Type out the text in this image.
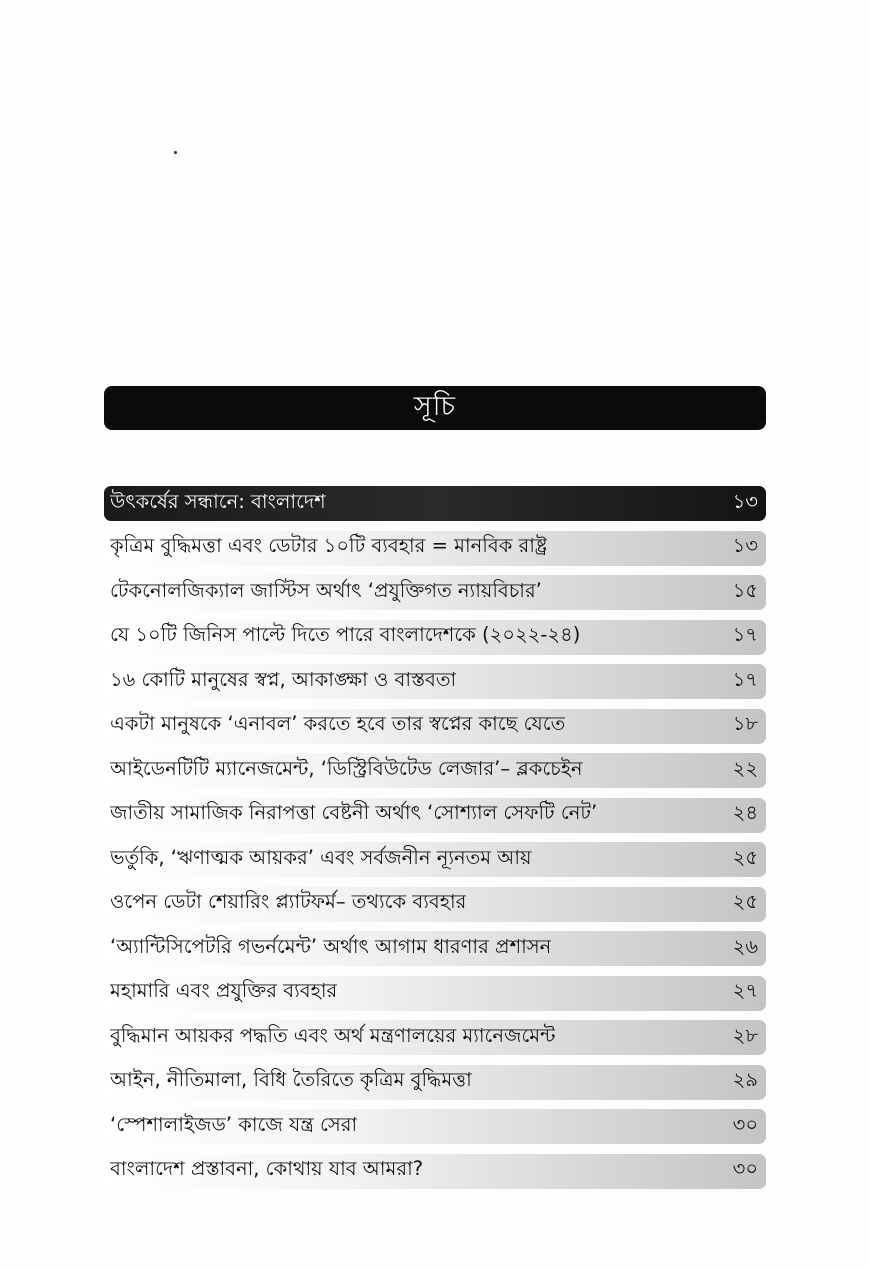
সূচি
উৎকর্ষের সন্ধানে: বাংলাদেশ	১৩
কৃত্রিম বুদ্ধিমত্তা এবং ডেটার ১০টি ব্যবহার = মানবিক রাষ্ট্র	১৩
টেকনোলজিক্যাল জাস্টিস অর্থাৎ ‘প্রযুক্তিগত ন্যায়বিচার’	১৫
যে ১০টি জিনিস পাল্টে দিতে পারে বাংলাদেশকে (২০২২-২৪)	১৭
১৬ কোটি মানুষের স্বপ্ন, আকাঙ্ক্ষা ও বাস্তবতা	১৭
একটা মানুষকে ‘এনাবল’ করতে হবে তার স্বপ্নের কাছে যেতে	১৮
আইডেনটিটি ম্যানেজমেন্ট, ‘ডিস্ট্রিবিউটেড লেজার’– ব্লকচেইন	২২
জাতীয় সামাজিক নিরাপত্তা বেষ্টনী অর্থাৎ ‘সোশ্যাল সেফটি নেট’	২৪
ভর্তুকি, ‘ঋণাত্মক আয়কর’ এবং সর্বজনীন ন্যূনতম আয়	২৫
ওপেন ডেটা শেয়ারিং প্ল্যাটফর্ম– তথ্যকে ব্যবহার	২৫
‘অ্যান্টিসিপেটরি গভর্নমেন্ট’ অর্থাৎ আগাম ধারণার প্রশাসন	২৬
মহামারি এবং প্রযুক্তির ব্যবহার	২৭
বুদ্ধিমান আয়কর পদ্ধতি এবং অর্থ মন্ত্রণালয়ের ম্যানেজমেন্ট	২৮
আইন, নীতিমালা, বিধি তৈরিতে কৃত্রিম বুদ্ধিমত্তা	২৯
‘স্পেশালাইজড’ কাজে যন্ত্র সেরা	৩০
বাংলাদেশ প্রস্তাবনা, কোথায় যাব আমরা?	৩০
